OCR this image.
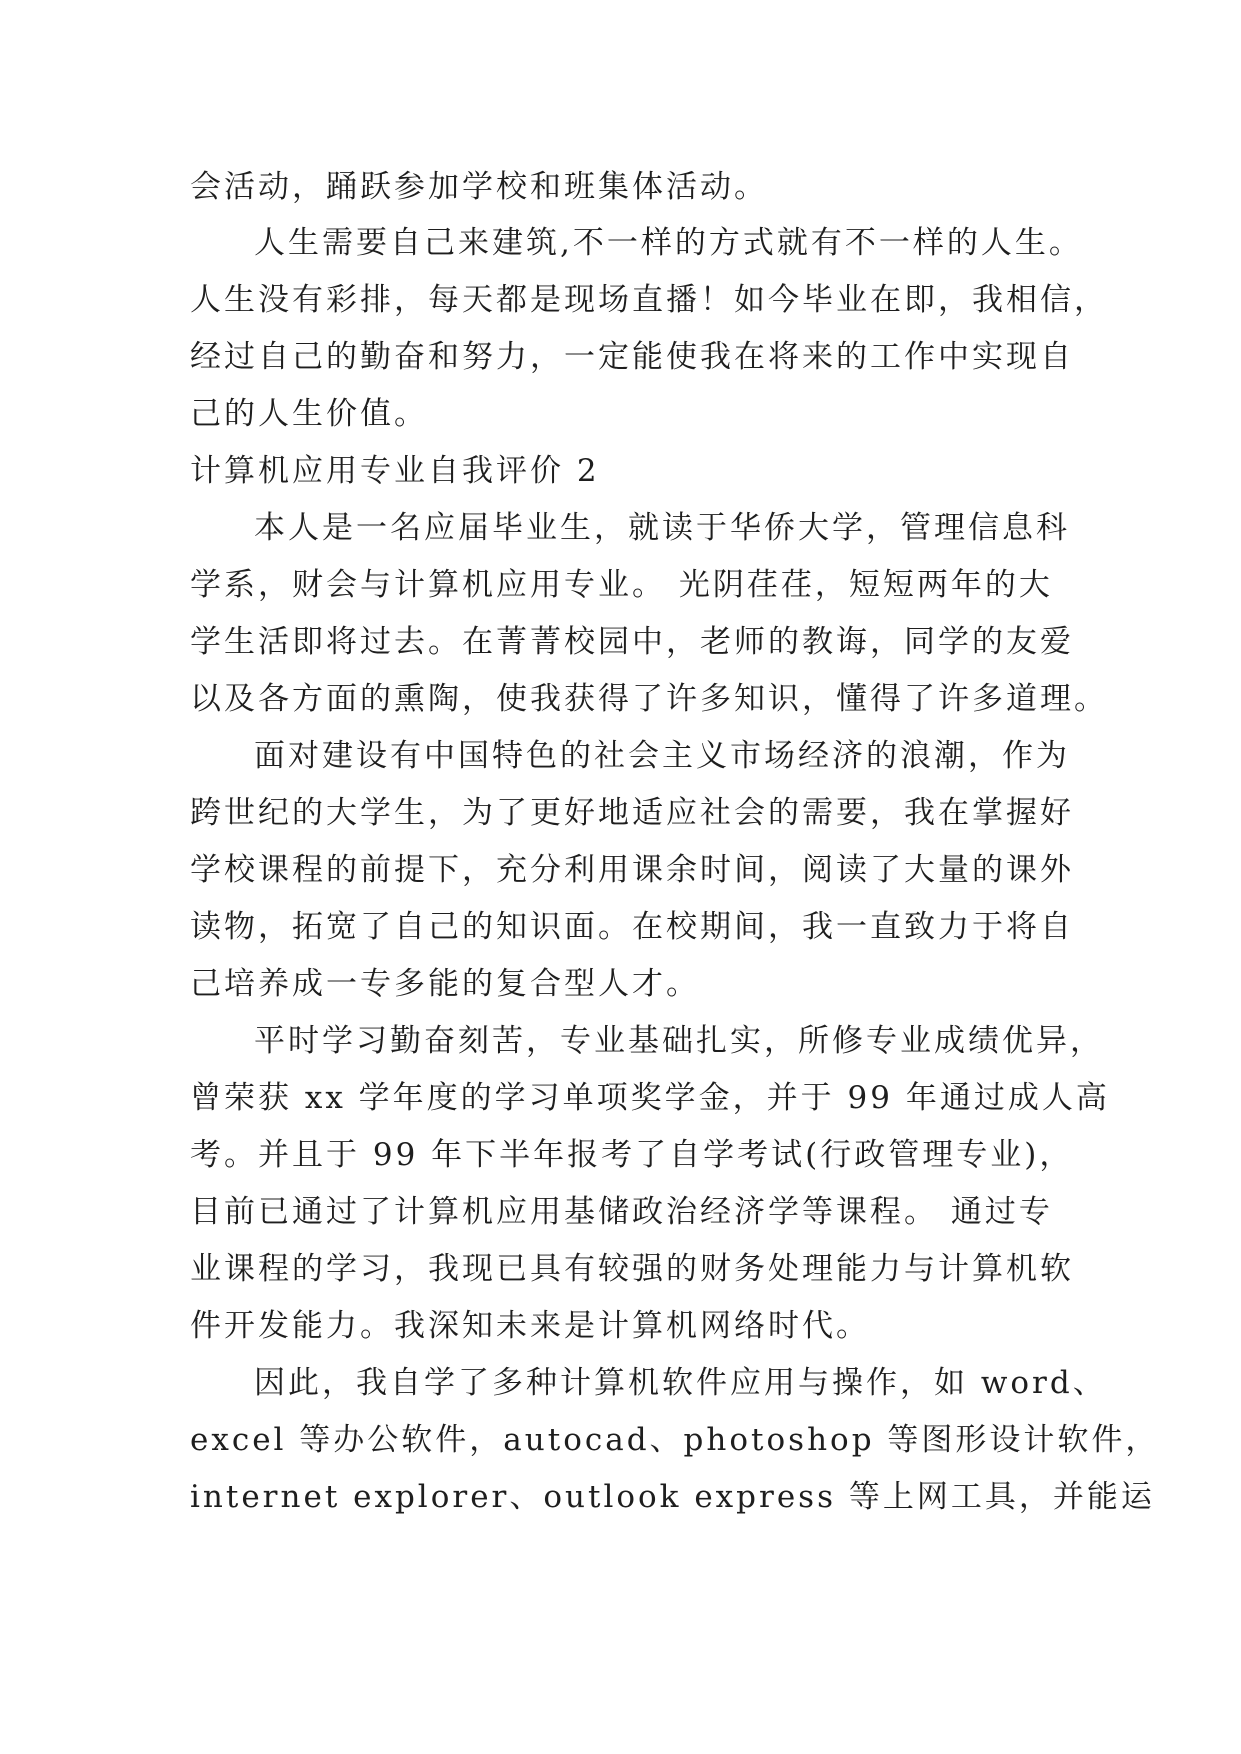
会活动，踊跃参加学校和班集体活动。
人生需要自己来建筑,不一样的方式就有不一样的人生。
人生没有彩排，每天都是现场直播！如今毕业在即，我相信，
经过自己的勤奋和努力，一定能使我在将来的工作中实现自
己的人生价值。
计算机应用专业自我评价 2
本人是一名应届毕业生，就读于华侨大学，管理信息科
学系，财会与计算机应用专业。 光阴荏荏，短短两年的大
学生活即将过去。在菁菁校园中，老师的教诲，同学的友爱
以及各方面的熏陶，使我获得了许多知识，懂得了许多道理。
面对建设有中国特色的社会主义市场经济的浪潮，作为
跨世纪的大学生，为了更好地适应社会的需要，我在掌握好
学校课程的前提下，充分利用课余时间，阅读了大量的课外
读物，拓宽了自己的知识面。在校期间，我一直致力于将自
己培养成一专多能的复合型人才。
平时学习勤奋刻苦，专业基础扎实，所修专业成绩优异，
曾荣获 xx 学年度的学习单项奖学金，并于 99 年通过成人高
考。并且于 99 年下半年报考了自学考试(行政管理专业)，
目前已通过了计算机应用基储政治经济学等课程。 通过专
业课程的学习，我现已具有较强的财务处理能力与计算机软
件开发能力。我深知未来是计算机网络时代。
因此，我自学了多种计算机软件应用与操作，如 word、
excel 等办公软件，autocad、photoshop 等图形设计软件，
internet explorer、outlook express 等上网工具，并能运
